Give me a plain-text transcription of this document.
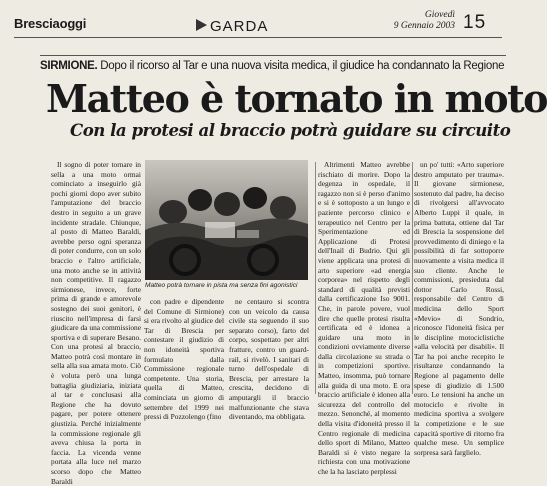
Bresciaoggi	GARDA
Giovedì
9 Gennaio 2003 15
SIRMIONE. Dopo il ricorso al Tar e una nuova visita medica, il giudice ha condannato la Regione
Matteo è tornato in moto
Con la protesi al braccio potrà guidare su circuito

Il sogno di poter tornare in sella a una moto ormai cominciato a inseguirlo già pochi giorni dopo aver subito l'amputazione del braccio destro in seguito a un grave incidente stradale. Chiunque, al posto di Matteo Baraldi, avrebbe perso ogni speranza di poter condurre, con un solo braccio e l'altro artificiale, una moto anche se in attività non competitive. Il ragazzo sirmionese, invece, forte prima di grande e amorevole sostegno dei suoi genitori, è riuscito nell'impresa di farsi giudicare da una commissione sportiva e di superare Besano. Con una protesi al braccio, Matteo potrà così montare in sella alla sua amata moto. Ciò è voluta però una lunga battaglia giudiziaria, iniziata al tar e conclusasi alla Regione che ha dovuto pagare, per potere ottenere giustizia. Perché inizialmente la commissione regionale gli aveva chiusa la porta in faccia. La vicenda venne portata alla luce nel marzo scorso dopo che Matteo Baraldi

Matteo potrà tornare in pista ma senza fini agonistici

con padre e dipendente del Comune di Sirmione) si era rivolto al giudice del Tar di Brescia per contestare il giudizio di non idoneità sportiva formulato dalla Commissione regionale competente. Una storia, quella di Matteo, cominciata un giorno di settembre del 1999 nei pressi di Pozzolengo (fino

ne centauro si scontra con un veicolo da causa civile sta seguendo il suo separato corso), farto del corpo, sospettato per altri fratture, contro un guard-rail, si rivelò. I sanitari di turno dell'ospedale di Brescia, per arrestare la crescita, decidono di amputargli il braccio malfunzionante che stava diventando, ma obbligata.

Altrimenti Matteo avrebbe rischiato di morire. Dopo la degenza in ospedale, il ragazzo non si è perso d'animo e si è sottoposto a un lungo e paziente percorso clinico e terapeutico nel Centro per la Sperimentazione ed Applicazione di Protesi dell'Inail di Budrio. Qui gli viene applicata una protesi di arto superiore «ad energia corporea» nel rispetto degli standard di qualità previsti dalla certificazione Iso 9001. Che, in parole povere, vuol dire che quelle protesi risulta certificata ed è idonea a guidare una moto in condizioni ovviamente diverse dalla circolazione su strada o in competizioni sportive. Matteo, insomma, può tornare alla guida di una moto. E ora braccio artificiale è idoneo alla sicurezza del controllo del mezzo. Senonché, al momento della visita d'idoneità presso il Centro regionale di medicina dello sport di Milano, Matteo Baraldi si è visto negare la richiesta con una motivazione che la ha lasciato perplessi

un po' tutti: «Arto superiore destro amputato per trauma». Il giovane sirmionese, sostenuto dal padre, ha deciso di rivolgersi all'avvocato Alberto Luppi il quale, in prima battuta, ottiene dal Tar di Brescia la sospensione del provvedimento di diniego e la possibilità di far sottoporre nuovamente a visita medica il suo cliente. Anche le commissioni, presieduta dal dottor Carlo Rossi, responsabile del Centro di medicina dello Sport «Mevio» di Sondrio, riconosce l'idoneità fisica per le discipline motociclistiche «alla velocità per disabili». Il Tar ha poi anche recepito le risultanze condannando la Regione al pagamento delle spese di giudizio di 1.500 euro. Le tensioni ha anche un motociclo e rivolte in medicina sportiva a svolgere la competizione e le sue capacità sportive di ritorno fra qualche mese. Un semplice sorpresa sarà farglielo.
